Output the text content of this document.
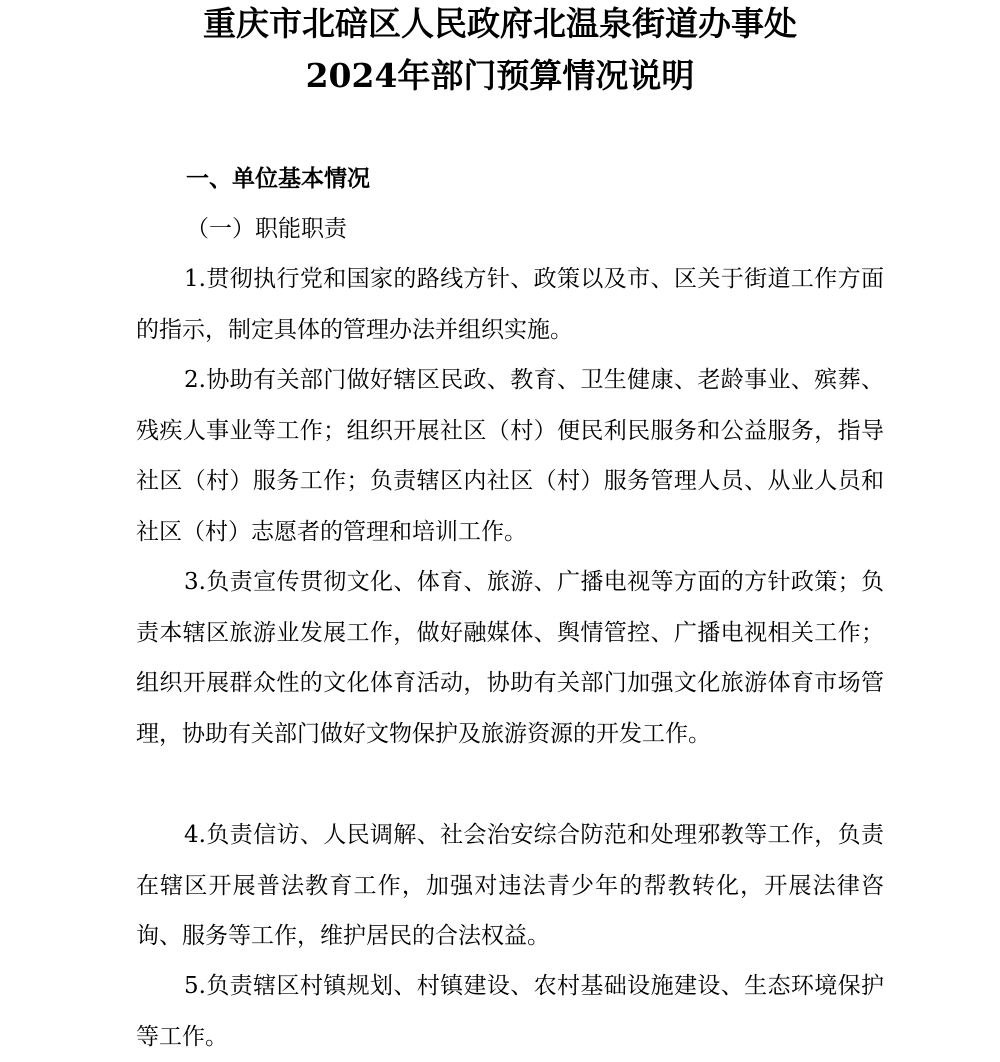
重庆市北碚区人民政府北温泉街道办事处
2024年部门预算情况说明
一、单位基本情况
（一）职能职责

1.贯彻执行党和国家的路线方针、政策以及市、区关于街道工作方面的指示，制定具体的管理办法并组织实施。

2.协助有关部门做好辖区民政、教育、卫生健康、老龄事业、殡葬、残疾人事业等工作；组织开展社区（村）便民利民服务和公益服务，指导社区（村）服务工作；负责辖区内社区（村）服务管理人员、从业人员和社区（村）志愿者的管理和培训工作。

3.负责宣传贯彻文化、体育、旅游、广播电视等方面的方针政策；负责本辖区旅游业发展工作，做好融媒体、舆情管控、广播电视相关工作；组织开展群众性的文化体育活动，协助有关部门加强文化旅游体育市场管理，协助有关部门做好文物保护及旅游资源的开发工作。

4.负责信访、人民调解、社会治安综合防范和处理邪教等工作，负责在辖区开展普法教育工作，加强对违法青少年的帮教转化，开展法律咨询、服务等工作，维护居民的合法权益。

5.负责辖区村镇规划、村镇建设、农村基础设施建设、生态环境保护等工作。
